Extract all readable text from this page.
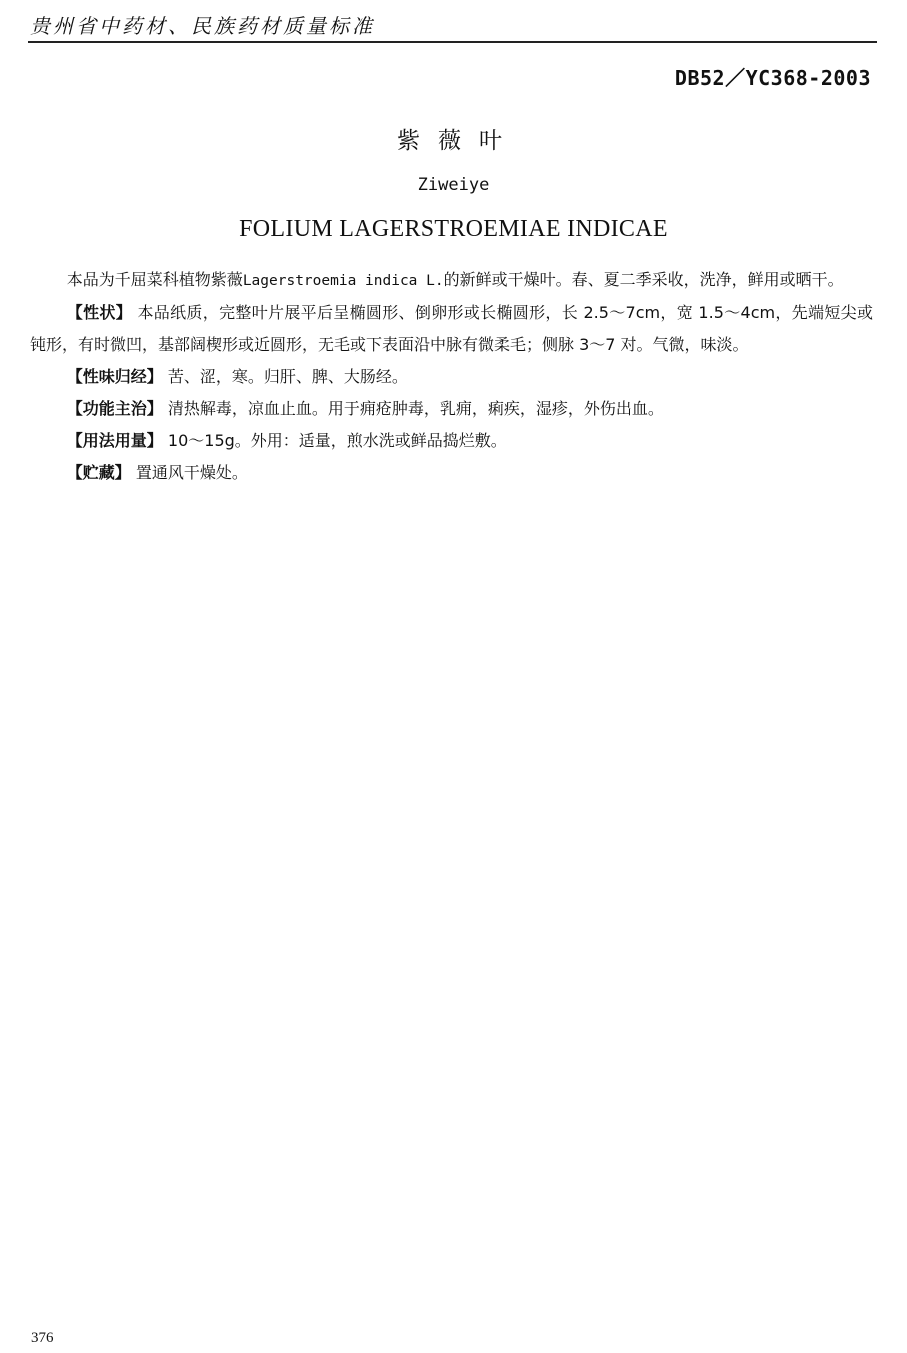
贵州省中药材、民族药材质量标准
DB52／YC368-2003
紫薇叶
Ziweiye
FOLIUM LAGERSTROEMIAE INDICAE

本品为千屈菜科植物紫薇Lagerstroemia indica L.的新鲜或干燥叶。春、夏二季采收，洗净，鲜用或晒干。

【性状】 本品纸质，完整叶片展平后呈椭圆形、倒卵形或长椭圆形，长 2.5～7cm，宽 1.5～4cm，先端短尖或钝形，有时微凹，基部阔楔形或近圆形，无毛或下表面沿中脉有微柔毛；侧脉 3～7 对。气微，味淡。

【性味归经】 苦、涩，寒。归肝、脾、大肠经。

【功能主治】 清热解毒，凉血止血。用于痈疮肿毒，乳痈，痢疾，湿疹，外伤出血。

【用法用量】 10～15g。外用：适量，煎水洗或鲜品捣烂敷。

【贮藏】 置通风干燥处。

376
